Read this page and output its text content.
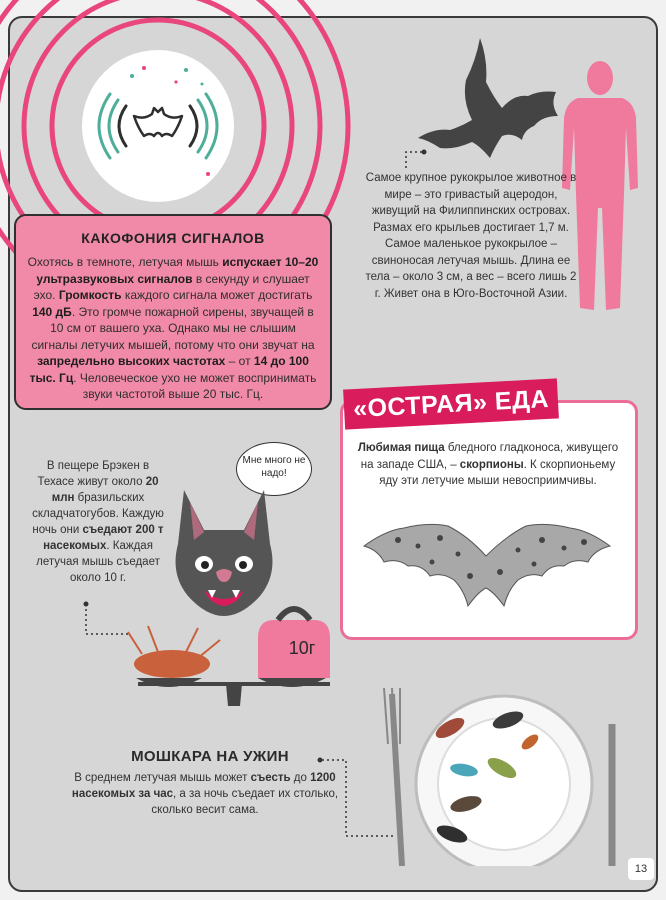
КАКОФОНИЯ СИГНАЛОВ

Охотясь в темноте, летучая мышь испускает 10–20 ультразвуковых сигналов в секунду и слушает эхо. Громкость каждого сигнала может достигать 140 дБ. Это громче пожарной сирены, звучащей в 10 см от вашего уха. Однако мы не слышим сигналы летучих мышей, потому что они звучат на запредельно высоких частотах – от 14 до 100 тыс. Гц. Человеческое ухо не может воспринимать звуки частотой выше 20 тыс. Гц.

Самое крупное рукокрылое животное в мире – это гривастый ацеродон, живущий на Филиппинских островах. Размах его крыльев достигает 1,7 м. Самое маленькое рукокрылое – свиноносая летучая мышь. Длина ее тела – около 3 см, а вес – всего лишь 2 г. Живет она в Юго-Восточной Азии.

«ОСТРАЯ» ЕДА

Любимая пища бледного гладконоса, живущего на западе США, – скорпионы. К скорпионьему яду эти летучие мыши невосприимчивы.

В пещере Брэкен в Техасе живут около 20 млн бразильских складчатогубов. Каждую ночь они съедают 200 т насекомых. Каждая летучая мышь съедает около 10 г.

Мне много не надо!

10г

МОШКАРА НА УЖИН

В среднем летучая мышь может съесть до 1200 насекомых за час, а за ночь съедает их столько, сколько весит сама.

13
